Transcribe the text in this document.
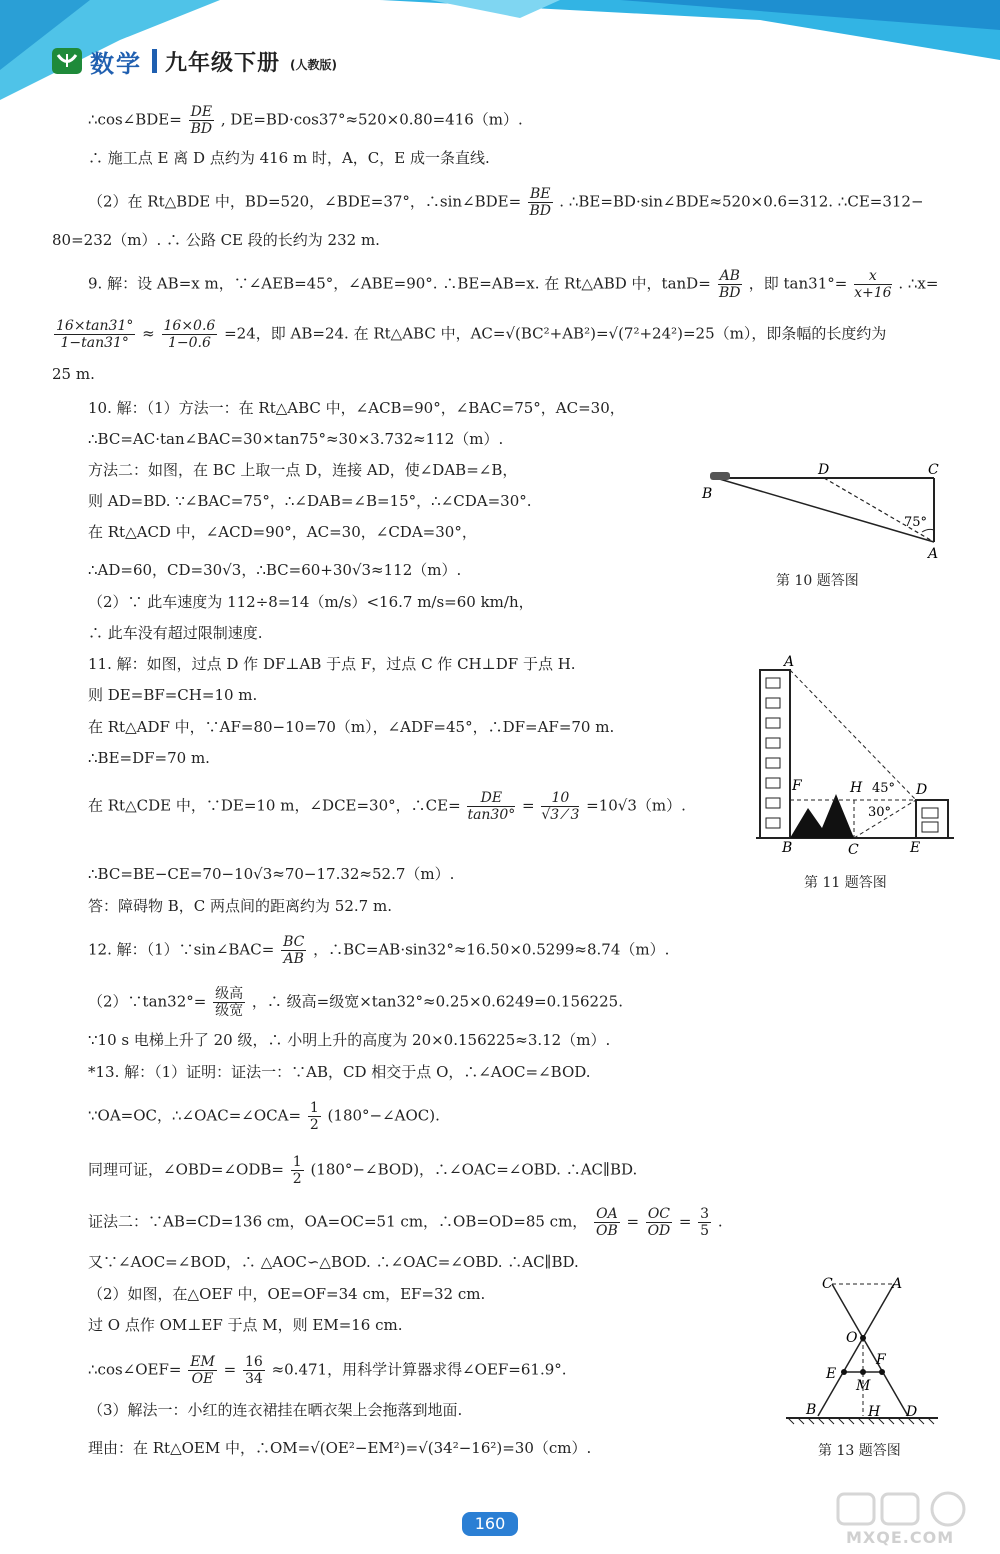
数学 九年级下册 (人教版)
∴cos∠BDE= $\frac{DE}{BD}$ , DE=BD·cos37°≈520×0.80=416（m）.
∴ 施工点 E 离 D 点约为 416 m 时，A，C，E 成一条直线.
（2）在 Rt△BDE 中，BD=520，∠BDE=37°，∴sin∠BDE= $\frac{BE}{BD}$ . ∴BE=BD·sin∠BDE≈520×0.6=312. ∴CE=312−
80=232（m）. ∴ 公路 CE 段的长约为 232 m.
9. 解：设 AB=x m，∵∠AEB=45°，∠ABE=90°. ∴BE=AB=x. 在 Rt△ABD 中，$\tan D= \frac{AB}{BD}$ ，即 $\tan 31^\circ= \frac{x}{x+16}$ . ∴x=
$\frac{16\times\tan 31^\circ}{1-\tan 31^\circ} \approx \frac{16\times 0.6}{1-0.6} =24$，即 AB=24. 在 Rt△ABC 中，AC=√(BC²+AB²)=√(7²+24²)=25（m），即条幅的长度约为
25 m.
10. 解：（1）方法一：在 Rt△ABC 中，∠ACB=90°，∠BAC=75°，AC=30，
∴BC=AC·tan∠BAC=30×tan75°≈30×3.732≈112（m）.
方法二：如图，在 BC 上取一点 D，连接 AD，使∠DAB=∠B，
则 AD=BD. ∵∠BAC=75°，∴∠DAB=∠B=15°，∴∠CDA=30°.
在 Rt△ACD 中，∠ACD=90°，AC=30，∠CDA=30°，
∴AD=60，CD=30√3，∴BC=60+30√3≈112（m）.
（2）∵ 此车速度为 112÷8=14（m/s）<16.7 m/s=60 km/h，
∴ 此车没有超过限制速度.
11. 解：如图，过点 D 作 DF⊥AB 于点 F，过点 C 作 CH⊥DF 于点 H.
则 DE=BF=CH=10 m.
在 Rt△ADF 中，∵AF=80−10=70（m），∠ADF=45°，∴DF=AF=70 m.
∴BE=DF=70 m.
在 Rt△CDE 中，∵DE=10 m，∠DCE=30°，∴CE= $\frac{DE}{\tan 30^\circ} = \frac{10}{√3 ⁄ 3} =10√3(m)$.
∴BC=BE−CE=70−10√3≈70−17.32≈52.7（m）.
答：障碍物 B，C 两点间的距离约为 52.7 m.
12. 解：（1）∵sin∠BAC= $\frac{BC}{AB}$ ，∴BC=AB·sin32°≈16.50×0.5299≈8.74（m）.
（2）∵tan32°= $\frac{\text{级高}}{\text{级宽}}$ ，∴ 级高=级宽×tan32°≈0.25×0.6249=0.156225.
∵10 s 电梯上升了 20 级，∴ 小明上升的高度为 20×0.156225≈3.12（m）.
*13. 解：（1）证明：证法一：∵AB，CD 相交于点 O，∴∠AOC=∠BOD.
∵OA=OC，∴∠OAC=∠OCA= $\frac{1}{2}$ (180°−∠AOC).
同理可证，∠OBD=∠ODB= $\frac{1}{2}$ (180°−∠BOD)，∴∠OAC=∠OBD. ∴AC∥BD.
证法二：∵AB=CD=136 cm，OA=OC=51 cm，∴OB=OD=85 cm， $\frac{OA}{OB} = \frac{OC}{OD} = \frac{3}{5}$ .
又∵∠AOC=∠BOD，∴ △AOC∽△BOD. ∴∠OAC=∠OBD. ∴AC∥BD.
（2）如图，在△OEF 中，OE=OF=34 cm，EF=32 cm.
过 O 点作 OM⊥EF 于点 M，则 EM=16 cm.
∴cos∠OEF= $\frac{EM}{OE} = \frac{16}{34} \approx 0.471$，用科学计算器求得∠OEF=61.9°.
（3）解法一：小红的连衣裙挂在晒衣架上会拖落到地面.
理由：在 Rt△OEM 中，∴OM=√(OE²−EM²)=√(34²−16²)=30（cm）.
B
D	C
A
75°
第 10 题答图
A
F	H	D
B	C	E
45°
30°
第 11 题答图
C	A
O
E
F
M
B	H D
第 13 题答图
160
MXQE.COM
